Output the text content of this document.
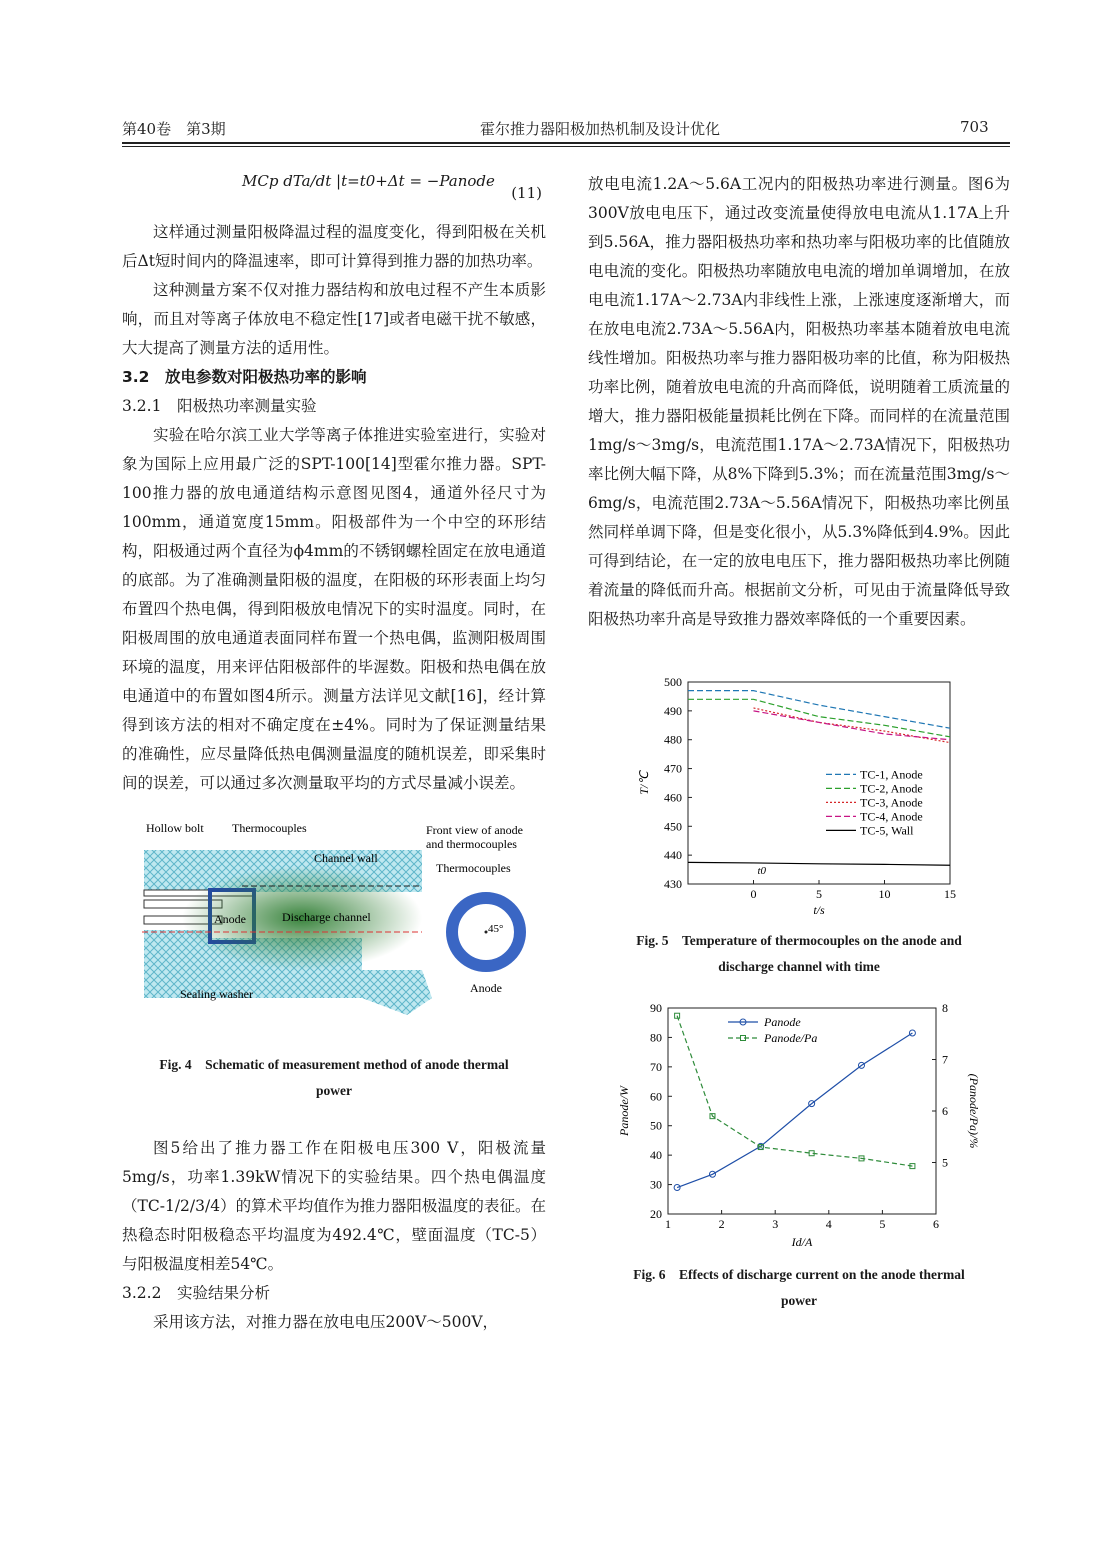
第40卷　第3期	霍尔推力器阳极加热机制及设计优化	703
MCp dTa/dt |t=t0+Δt = −Panode
(11)

这样通过测量阳极降温过程的温度变化，得到阳极在关机后Δt短时间内的降温速率，即可计算得到推力器的加热功率。

这种测量方案不仅对推力器结构和放电过程不产生本质影响，而且对等离子体放电不稳定性[17]或者电磁干扰不敏感，大大提高了测量方法的适用性。

3.2　放电参数对阳极热功率的影响

3.2.1　阳极热功率测量实验

实验在哈尔滨工业大学等离子体推进实验室进行，实验对象为国际上应用最广泛的SPT-100[14]型霍尔推力器。SPT-100推力器的放电通道结构示意图见图4，通道外径尺寸为100mm，通道宽度15mm。阳极部件为一个中空的环形结构，阳极通过两个直径为ϕ4mm的不锈钢螺栓固定在放电通道的底部。为了准确测量阳极的温度，在阳极的环形表面上均匀布置四个热电偶，得到阳极放电情况下的实时温度。同时，在阳极周围的放电通道表面同样布置一个热电偶，监测阳极周围环境的温度，用来评估阳极部件的毕渥数。阳极和热电偶在放电通道中的布置如图4所示。测量方法详见文献[16]，经计算得到该方法的相对不确定度在±4%。同时为了保证测量结果的准确性，应尽量降低热电偶测量温度的随机误差，即采集时间的误差，可以通过多次测量取平均的方式尽量减小误差。

Hollow bolt Thermocouples	Front view of anode
and thermocouples
Channel wall
Thermocouples
Anode	Discharge channel
45°
Sealing washer	Anode

Fig. 4　Schematic of measurement method of anode thermal

power

图5给出了推力器工作在阳极电压300 V，阳极流量5mg/s，功率1.39kW情况下的实验结果。四个热电偶温度（TC-1/2/3/4）的算术平均值作为推力器阳极温度的表征。在热稳态时阳极稳态平均温度为492.4℃，壁面温度（TC-5）与阳极温度相差54℃。

3.2.2　实验结果分析

采用该方法，对推力器在放电电压200V～500V，

放电电流1.2A～5.6A工况内的阳极热功率进行测量。图6为300V放电电压下，通过改变流量使得放电电流从1.17A上升到5.56A，推力器阳极热功率和热功率与阳极功率的比值随放电电流的变化。阳极热功率随放电电流的增加单调增加，在放电电流1.17A～2.73A内非线性上涨，上涨速度逐渐增大，而在放电电流2.73A～5.56A内，阳极热功率基本随着放电电流线性增加。阳极热功率与推力器阳极功率的比值，称为阳极热功率比例，随着放电电流的升高而降低，说明随着工质流量的增大，推力器阳极能量损耗比例在下降。而同样的在流量范围1mg/s～3mg/s，电流范围1.17A～2.73A情况下，阳极热功率比例大幅下降，从8%下降到5.3%；而在流量范围3mg/s～6mg/s，电流范围2.73A～5.56A情况下，阳极热功率比例虽然同样单调下降，但是变化很小，从5.3%降低到4.9%。因此可得到结论，在一定的放电电压下，推力器阳极热功率比例随着流量的降低而升高。根据前文分析，可见由于流量降低导致阳极热功率升高是导致推力器效率降低的一个重要因素。

0	5	10	15
430
440
450
460
470
480
490
500
t/s
T/℃
t0
TC-1, Anode
TC-2, Anode
TC-3, Anode
TC-4, Anode
TC-5, Wall

Fig. 5　Temperature of thermocouples on the anode and

discharge channel with time

1	2	3	4	5	6
20
30
40
50
60
70
80
90
5
6
7
8
Id/A
Panode/W	(Panode/Pa)/%
Panode
Panode/Pa

Fig. 6　Effects of discharge current on the anode thermal

power
